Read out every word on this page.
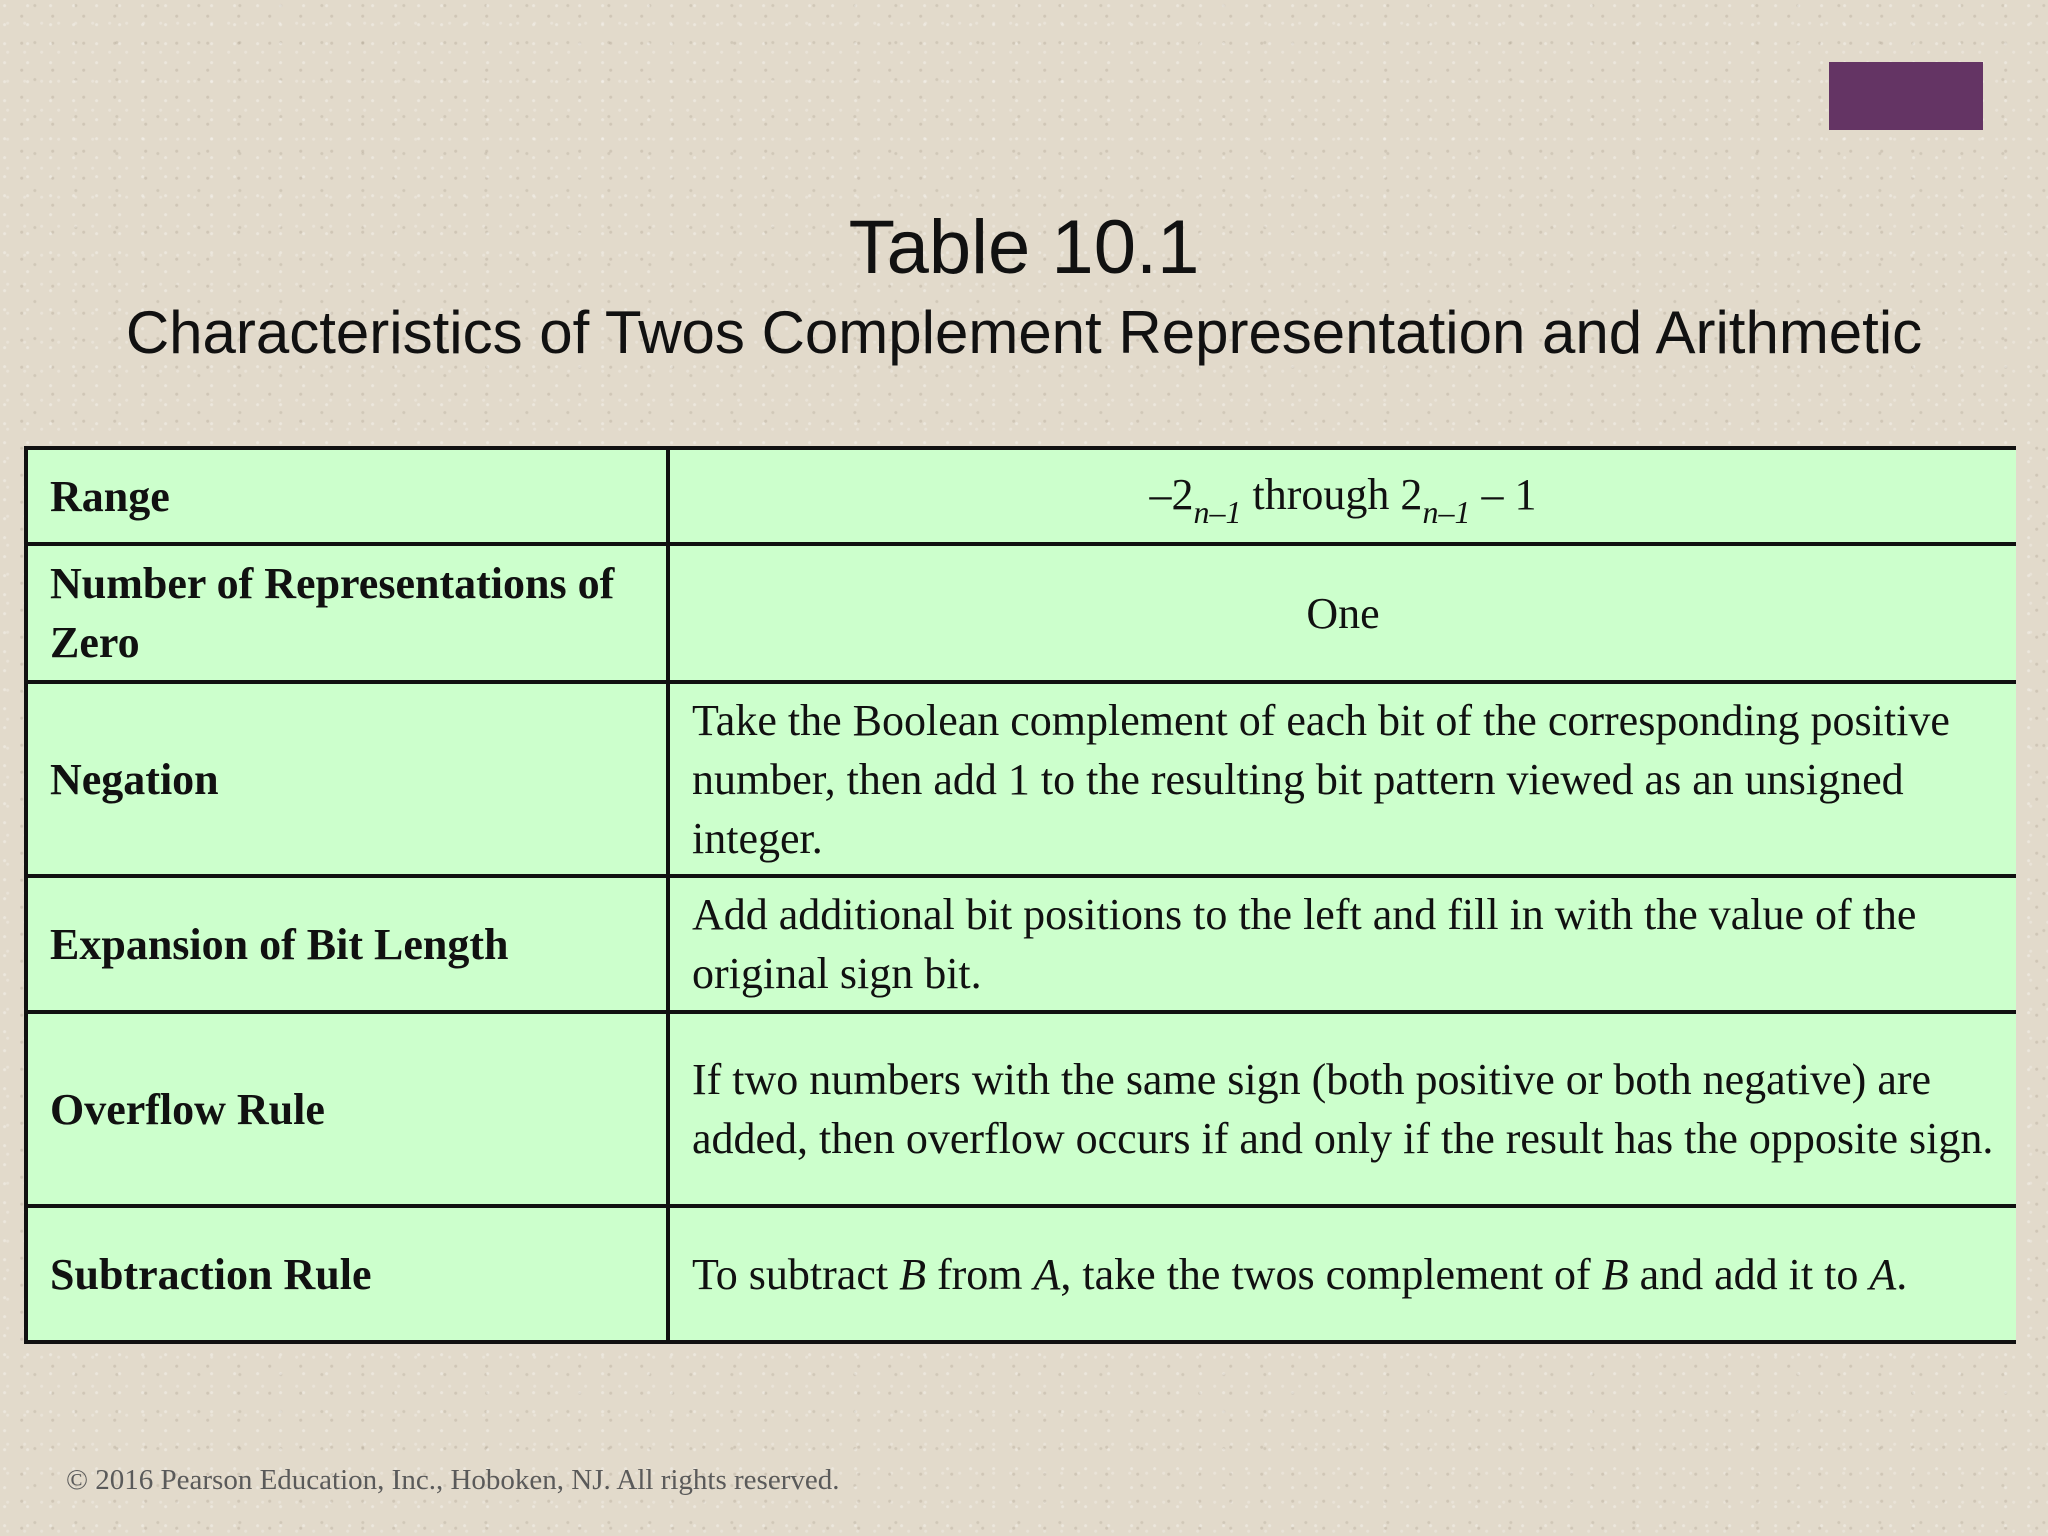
Table 10.1
Characteristics of Twos Complement Representation and Arithmetic
Range	$-2_{n-1}$ through $2_{n-1} - 1$
Number of Representations of Zero	One
Negation	Take the Boolean complement of each bit of the corresponding positive number, then add 1 to the resulting bit pattern viewed as an unsigned integer.
Expansion of Bit Length	Add additional bit positions to the left and fill in with the value of the original sign bit.
Overflow Rule	If two numbers with the same sign (both positive or both negative) are added, then overflow occurs if and only if the result has the opposite sign.
Subtraction Rule	To subtract B from A, take the twos complement of B and add it to A.
© 2016 Pearson Education, Inc., Hoboken, NJ. All rights reserved.
